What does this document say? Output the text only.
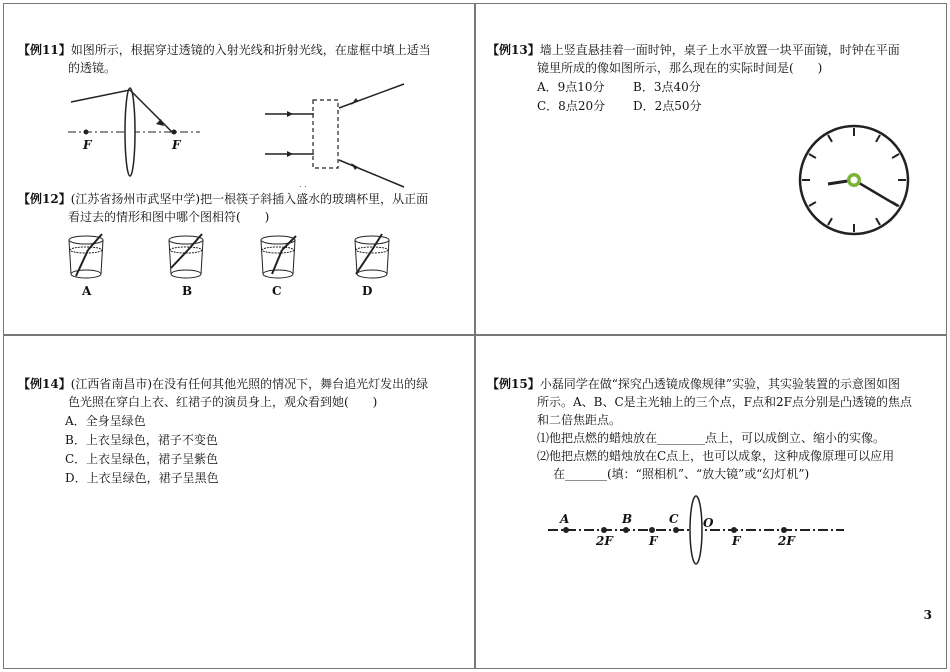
【例11】如图所示，根据穿过透镜的入射光线和折射光线，在虚框中填上适当
的透镜。
F	F
. .
【例12】(江苏省扬州市武坚中学)把一根筷子斜插入盛水的玻璃杯里，从正面
看过去的情形和图中哪个图相符(　　)
A	B	C	D
【例13】墙上竖直悬挂着一面时钟，桌子上水平放置一块平面镜，时钟在平面
镜里所成的像如图所示，那么现在的实际时间是(　　)
A．9点10分 B．3点40分
C．8点20分 D．2点50分
【例14】(江西省南昌市)在没有任何其他光照的情况下，舞台追光灯发出的绿
色光照在穿白上衣、红裙子的演员身上，观众看到她(　　)
A．全身呈绿色
B．上衣呈绿色，裙子不变色
C．上衣呈绿色，裙子呈紫色
D．上衣呈绿色，裙子呈黑色
【例15】小磊同学在做“探究凸透镜成像规律”实验，其实验装置的示意图如图
所示。A、B、C是主光轴上的三个点，F点和2F点分别是凸透镜的焦点
和二倍焦距点。
⑴他把点燃的蜡烛放在________点上，可以成倒立、缩小的实像。
⑵他把点燃的蜡烛放在C点上，也可以成象，这种成像原理可以应用
在_______(填：“照相机”、“放大镜”或“幻灯机”)
A	B	C O
2F	F	F	2F
3
